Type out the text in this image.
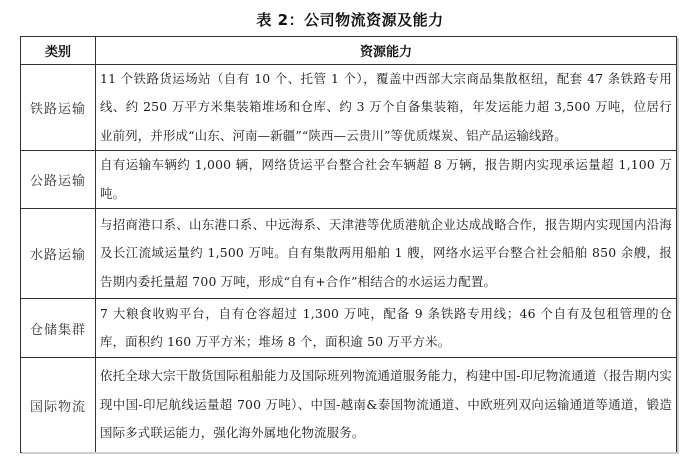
表 2：公司物流资源及能力
类别	资源能力
铁路运输	11 个铁路货运场站（自有 10 个、托管 1 个），覆盖中西部大宗商品集散枢纽，配套 47 条铁路专用线、约 250 万平方米集装箱堆场和仓库、约 3 万个自备集装箱，年发运能力超 3,500 万吨，位居行业前列，并形成“山东、河南—新疆”“陕西—云贵川”等优质煤炭、铝产品运输线路。
公路运输	自有运输车辆约 1,000 辆，网络货运平台整合社会车辆超 8 万辆，报告期内实现承运量超 1,100 万吨。
水路运输	与招商港口系、山东港口系、中远海系、天津港等优质港航企业达成战略合作，报告期内实现国内沿海及长江流域运量约 1,500 万吨。自有集散两用船舶 1 艘，网络水运平台整合社会船舶 850 余艘，报告期内委托量超 700 万吨，形成“自有+合作”相结合的水运运力配置。
仓储集群	7 大粮食收购平台，自有仓容超过 1,300 万吨，配备 9 条铁路专用线；46 个自有及包租管理的仓库，面积约 160 万平方米；堆场 8 个，面积逾 50 万平方米。
国际物流	依托全球大宗干散货国际租船能力及国际班列物流通道服务能力，构建中国-印尼物流通道（报告期内实现中国-印尼航线运量超 700 万吨）、中国-越南&泰国物流通道、中欧班列双向运输通道等通道，锻造国际多式联运能力，强化海外属地化物流服务。
